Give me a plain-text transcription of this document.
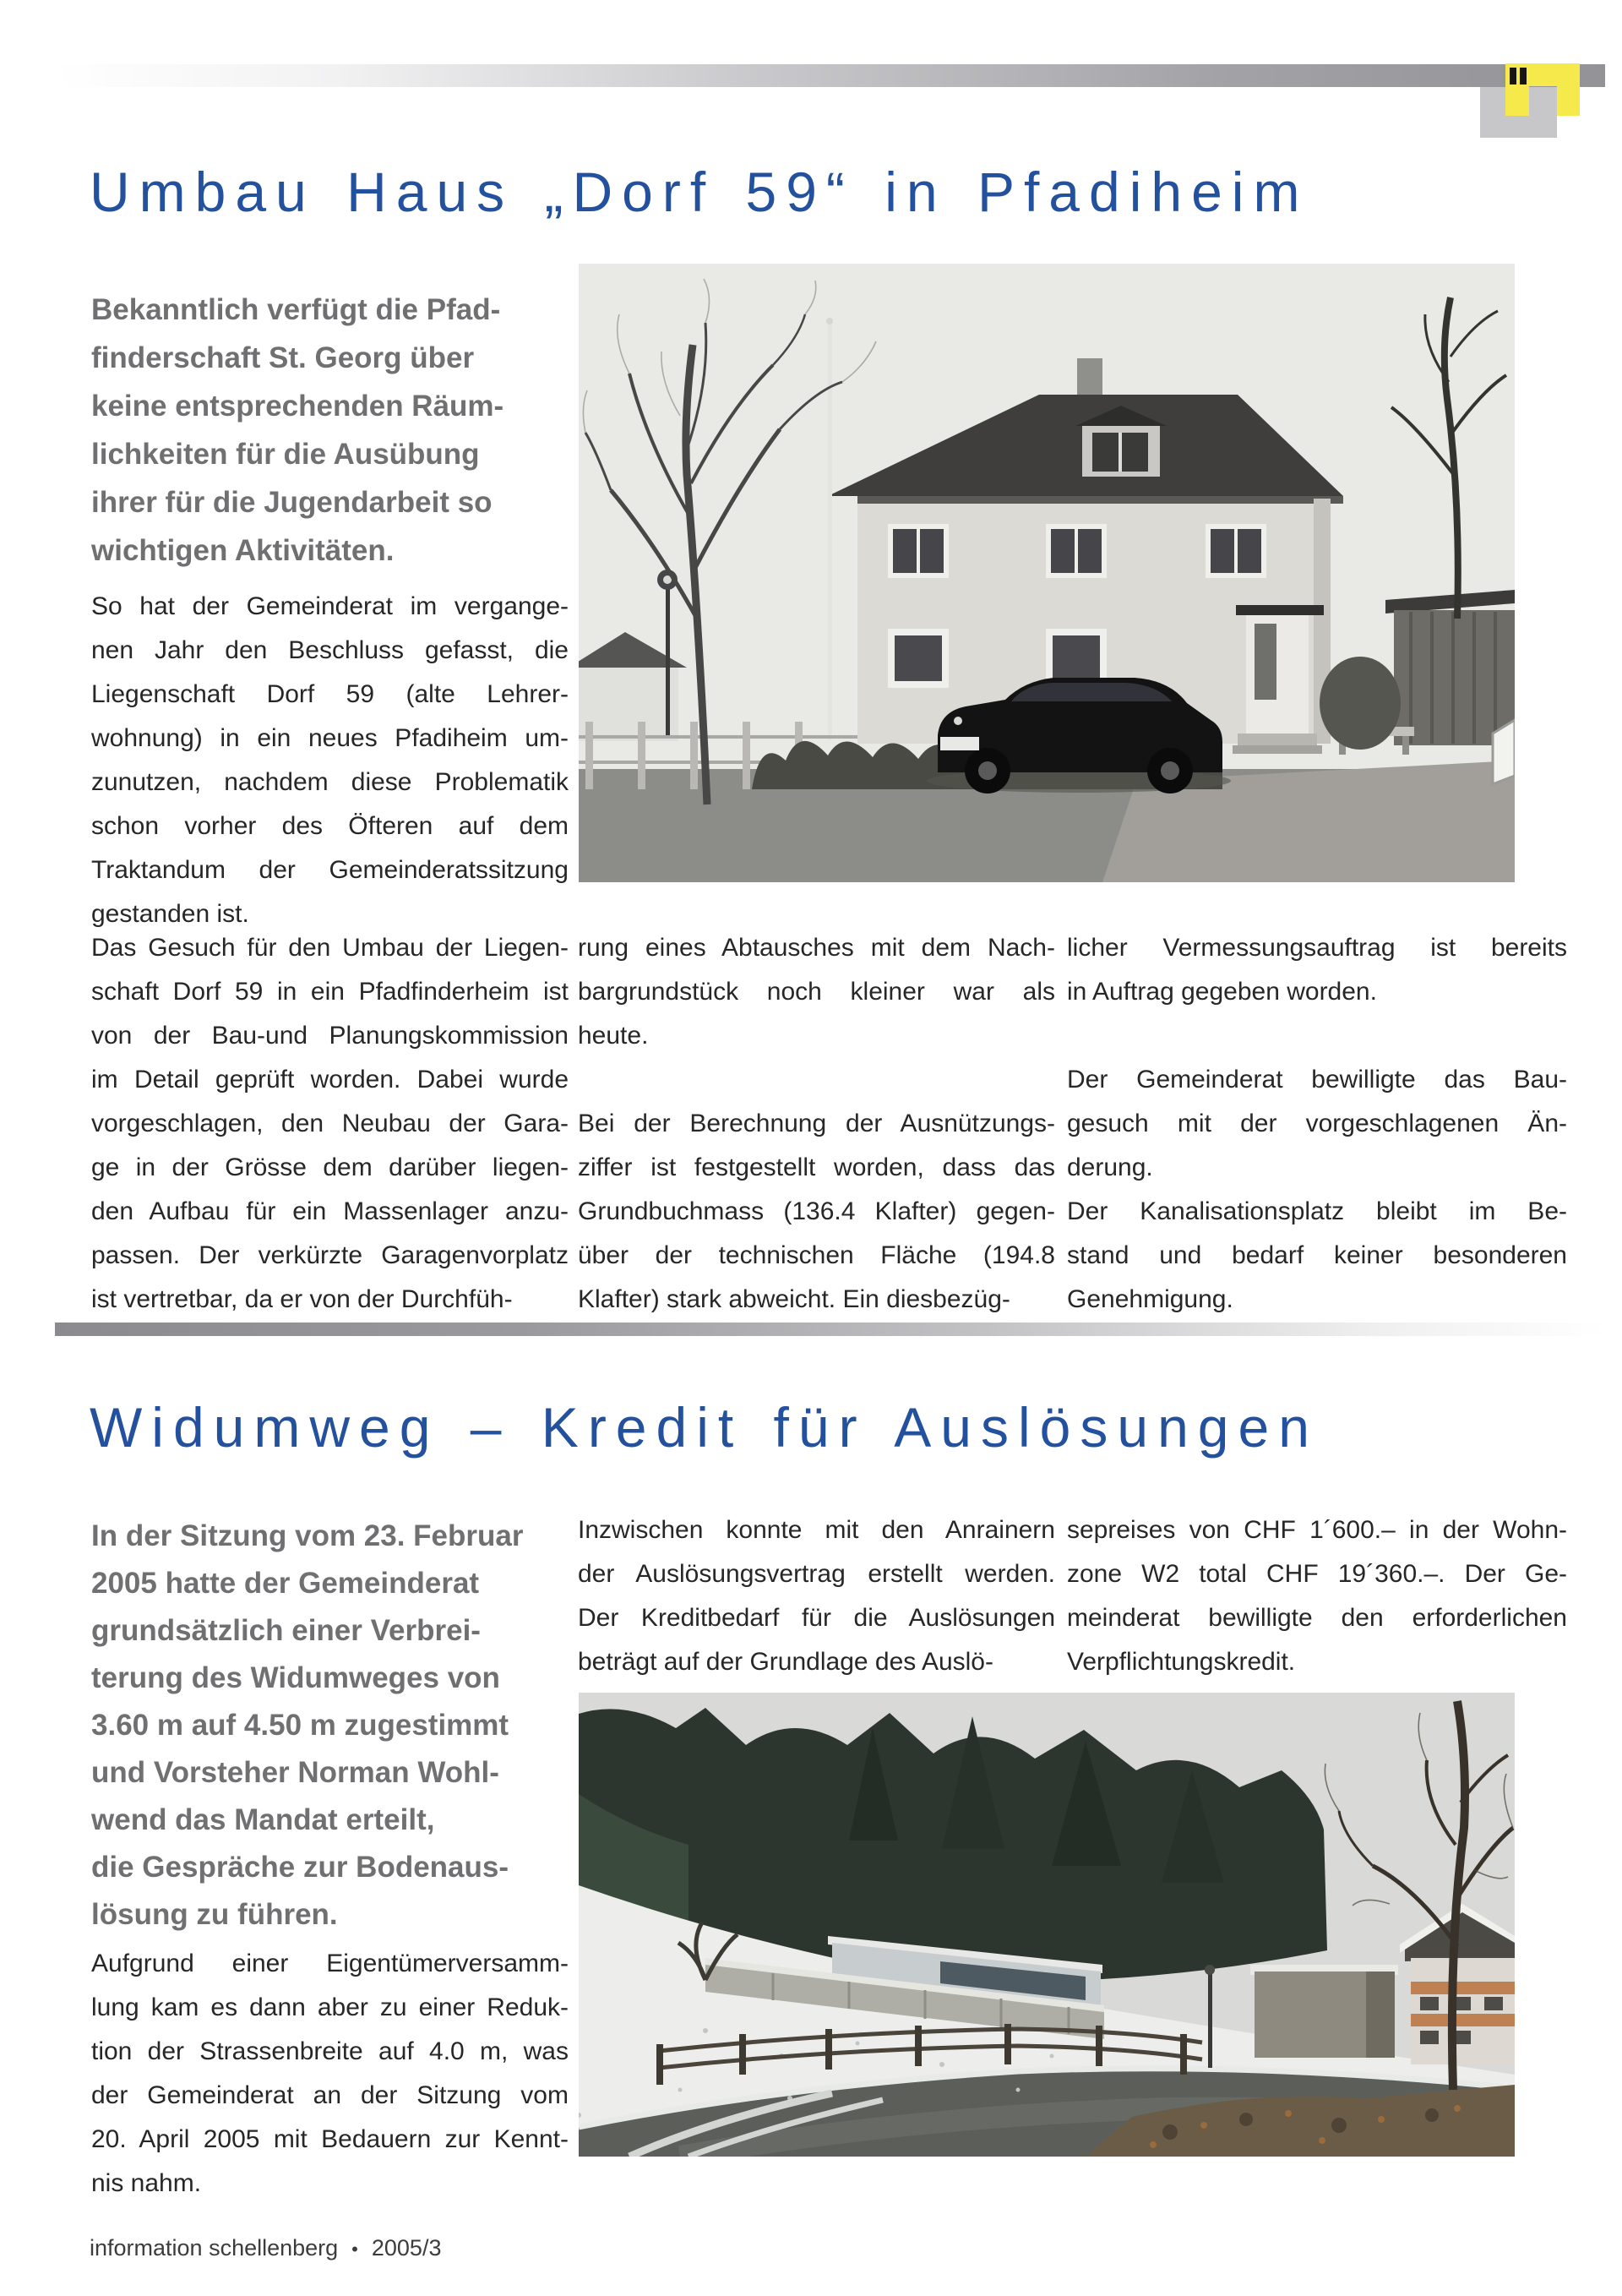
Umbau Haus „Dorf 59“ in Pfadiheim
Bekanntlich verfügt die Pfad-
finderschaft St. Georg über
keine entsprechenden Räum-
lichkeiten für die Ausübung
ihrer für die Jugendarbeit so
wichtigen Aktivitäten.
So hat der Gemeinderat im vergange-
nen Jahr den Beschluss gefasst, die
Liegenschaft Dorf 59 (alte Lehrer-
wohnung) in ein neues Pfadiheim um-
zunutzen, nachdem diese Problematik
schon vorher des Öfteren auf dem
Traktandum der Gemeinderatssitzung
gestanden ist.
Das Gesuch für den Umbau der Liegen-
schaft Dorf 59 in ein Pfadfinderheim ist
von der Bau-und Planungskommission
im Detail geprüft worden. Dabei wurde
vorgeschlagen, den Neubau der Gara-
ge in der Grösse dem darüber liegen-
den Aufbau für ein Massenlager anzu-
passen. Der verkürzte Garagenvorplatz
ist vertretbar, da er von der Durchfüh-
rung eines Abtausches mit dem Nach-
bargrundstück noch kleiner war als
heute.
Bei der Berechnung der Ausnützungs-
ziffer ist festgestellt worden, dass das
Grundbuchmass (136.4 Klafter) gegen-
über der technischen Fläche (194.8
Klafter) stark abweicht. Ein diesbezüg-
licher Vermessungsauftrag ist bereits
in Auftrag gegeben worden.
Der Gemeinderat bewilligte das Bau-
gesuch mit der vorgeschlagenen Än-
derung.
Der Kanalisationsplatz bleibt im Be-
stand und bedarf keiner besonderen
Genehmigung.
Widumweg – Kredit für Auslösungen
In der Sitzung vom 23. Februar
2005 hatte der Gemeinderat
grundsätzlich einer Verbrei-
terung des Widumweges von
3.60 m auf 4.50 m zugestimmt
und Vorsteher Norman Wohl-
wend das Mandat erteilt,
die Gespräche zur Bodenaus-
lösung zu führen.
Aufgrund einer Eigentümerversamm-
lung kam es dann aber zu einer Reduk-
tion der Strassenbreite auf 4.0 m, was
der Gemeinderat an der Sitzung vom
20. April 2005 mit Bedauern zur Kennt-
nis nahm.
Inzwischen konnte mit den Anrainern
der Auslösungsvertrag erstellt werden.
Der Kreditbedarf für die Auslösungen
beträgt auf der Grundlage des Auslö-
sepreises von CHF 1´600.– in der Wohn-
zone W2 total CHF 19´360.–. Der Ge-
meinderat bewilligte den erforderlichen
Verpflichtungskredit.
information schellenberg • 2005/3
